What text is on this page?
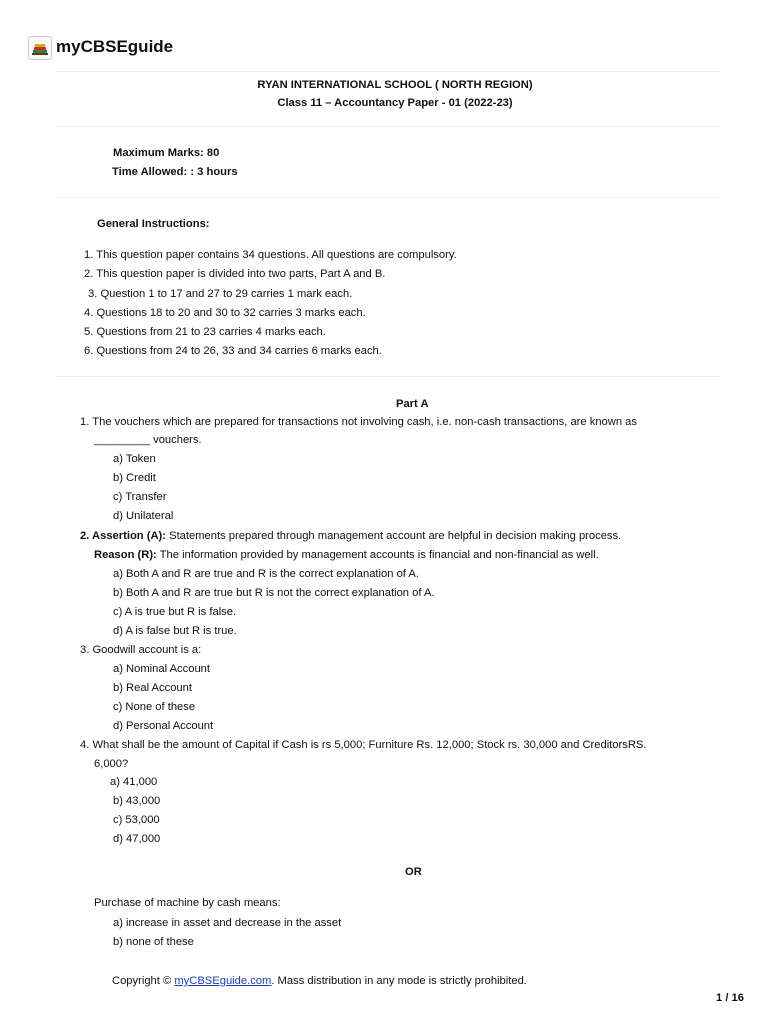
myCBSEguide
RYAN INTERNATIONAL SCHOOL ( NORTH REGION)
Class 11 – Accountancy Paper - 01 (2022-23)
Maximum Marks: 80
Time Allowed: : 3 hours
General Instructions:
1. This question paper contains 34 questions. All questions are compulsory.
2. This question paper is divided into two parts, Part A and B.
3. Question 1 to 17 and 27 to 29 carries 1 mark each.
4. Questions 18 to 20 and 30 to 32 carries 3 marks each.
5. Questions from 21 to 23 carries 4 marks each.
6. Questions from 24 to 26, 33 and 34 carries 6 marks each.
Part A
1. The vouchers which are prepared for transactions not involving cash, i.e. non-cash transactions, are known as
_________ vouchers.
a) Token
b) Credit
c) Transfer
d) Unilateral
2. Assertion (A): Statements prepared through management account are helpful in decision making process.
Reason (R): The information provided by management accounts is financial and non-financial as well.
a) Both A and R are true and R is the correct explanation of A.
b) Both A and R are true but R is not the correct explanation of A.
c) A is true but R is false.
d) A is false but R is true.
3. Goodwill account is a:
a) Nominal Account
b) Real Account
c) None of these
d) Personal Account
4. What shall be the amount of Capital if Cash is rs 5,000; Furniture Rs. 12,000; Stock rs. 30,000 and CreditorsRS.
6,000?
a) 41,000
b) 43,000
c) 53,000
d) 47,000
OR
Purchase of machine by cash means:
a) increase in asset and decrease in the asset
b) none of these
Copyright © myCBSEguide.com. Mass distribution in any mode is strictly prohibited.
1 / 16
